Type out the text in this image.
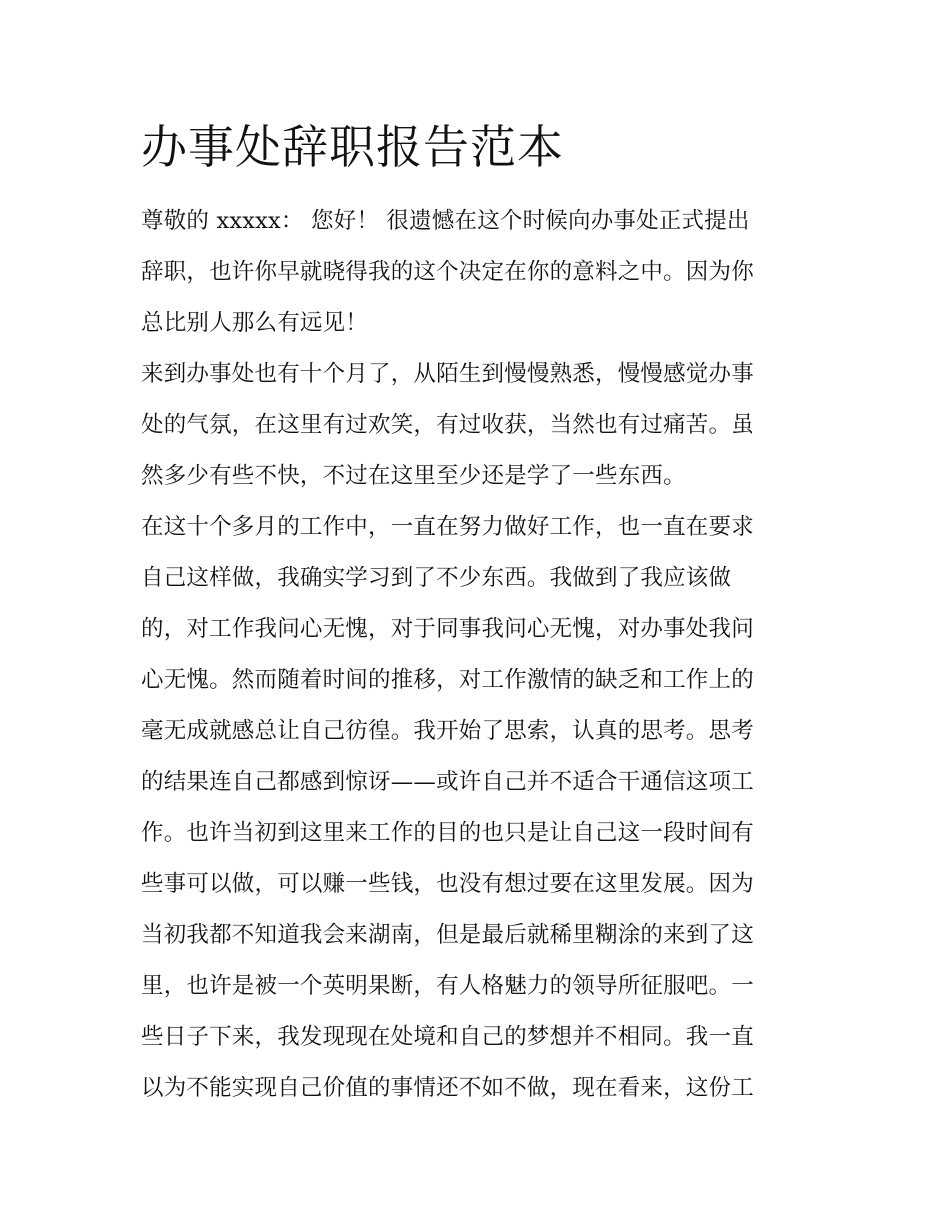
办事处辞职报告范本
尊敬的 xxxxx： 您好！ 很遗憾在这个时候向办事处正式提出
辞职，也许你早就晓得我的这个决定在你的意料之中。因为你
总比别人那么有远见！
来到办事处也有十个月了，从陌生到慢慢熟悉，慢慢感觉办事
处的气氛，在这里有过欢笑，有过收获，当然也有过痛苦。虽
然多少有些不快，不过在这里至少还是学了一些东西。
在这十个多月的工作中，一直在努力做好工作，也一直在要求
自己这样做，我确实学习到了不少东西。我做到了我应该做
的，对工作我问心无愧，对于同事我问心无愧，对办事处我问
心无愧。然而随着时间的推移，对工作激情的缺乏和工作上的
毫无成就感总让自己彷徨。我开始了思索，认真的思考。思考
的结果连自己都感到惊讶——或许自己并不适合干通信这项工
作。也许当初到这里来工作的目的也只是让自己这一段时间有
些事可以做，可以赚一些钱，也没有想过要在这里发展。因为
当初我都不知道我会来湖南，但是最后就稀里糊涂的来到了这
里，也许是被一个英明果断，有人格魅力的领导所征服吧。一
些日子下来，我发现现在处境和自己的梦想并不相同。我一直
以为不能实现自己价值的事情还不如不做，现在看来，这份工
